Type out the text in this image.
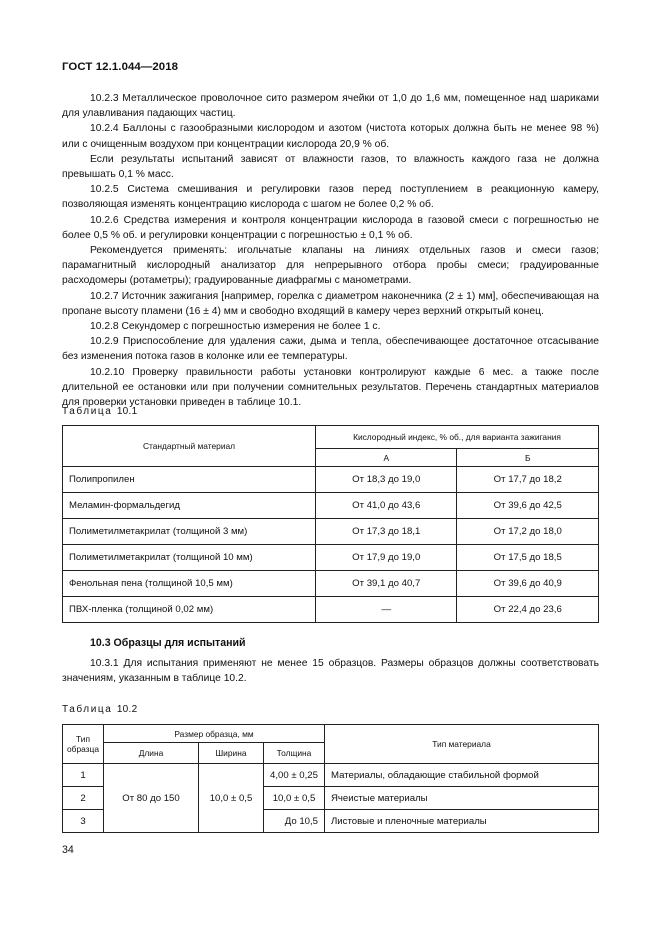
ГОСТ 12.1.044—2018

10.2.3 Металлическое проволочное сито размером ячейки от 1,0 до 1,6 мм, помещенное над шариками для улавливания падающих частиц.

10.2.4 Баллоны с газообразными кислородом и азотом (чистота которых должна быть не менее 98 %) или с очищенным воздухом при концентрации кислорода 20,9 % об.

Если результаты испытаний зависят от влажности газов, то влажность каждого газа не должна превышать 0,1 % масс.

10.2.5 Система смешивания и регулировки газов перед поступлением в реакционную камеру, позволяющая изменять концентрацию кислорода с шагом не более 0,2 % об.

10.2.6 Средства измерения и контроля концентрации кислорода в газовой смеси с погрешностью не более 0,5 % об. и регулировки концентрации с погрешностью ± 0,1 % об.

Рекомендуется применять: игольчатые клапаны на линиях отдельных газов и смеси газов; парамагнитный кислородный анализатор для непрерывного отбора пробы смеси; градуированные расходомеры (ротаметры); градуированные диафрагмы с манометрами.

10.2.7 Источник зажигания [например, горелка с диаметром наконечника (2 ± 1) мм], обеспечивающая на пропане высоту пламени (16 ± 4) мм и свободно входящий в камеру через верхний открытый конец.

10.2.8 Секундомер с погрешностью измерения не более 1 с.

10.2.9 Приспособление для удаления сажи, дыма и тепла, обеспечивающее достаточное отсасывание без изменения потока газов в колонке или ее температуры.

10.2.10 Проверку правильности работы установки контролируют каждые 6 мес. а также после длительной ее остановки или при получении сомнительных результатов. Перечень стандартных материалов для проверки установки приведен в таблице 10.1.

Таблица 10.1
Стандартный материал	Кислородный индекс, % об., для варианта зажигания	
	А	Б
Полипропилен	От 18,3 до 19,0	От 17,7 до 18,2
Меламин-формальдегид	От 41,0 до 43,6	От 39,6 до 42,5
Полиметилметакрилат (толщиной 3 мм)	От 17,3 до 18,1	От 17,2 до 18,0
Полиметилметакрилат (толщиной 10 мм)	От 17,9 до 19,0	От 17,5 до 18,5
Фенольная пена (толщиной 10,5 мм)	От 39,1 до 40,7	От 39,6 до 40,9
ПВХ-пленка (толщиной 0,02 мм)	—	От 22,4 до 23,6
10.3 Образцы для испытаний

10.3.1 Для испытания применяют не менее 15 образцов. Размеры образцов должны соответствовать значениям, указанным в таблице 10.2.

Таблица 10.2
Тип образца	Размер образца, мм			Тип материала
	Длина	Ширина	Толщина	
1	От 80 до 150	10,0 ± 0,5	4,00 ± 0,25	Материалы, обладающие стабильной формой
2			10,0 ± 0,5	Ячеистые материалы
3			До 10,5	Листовые и пленочные материалы
34
